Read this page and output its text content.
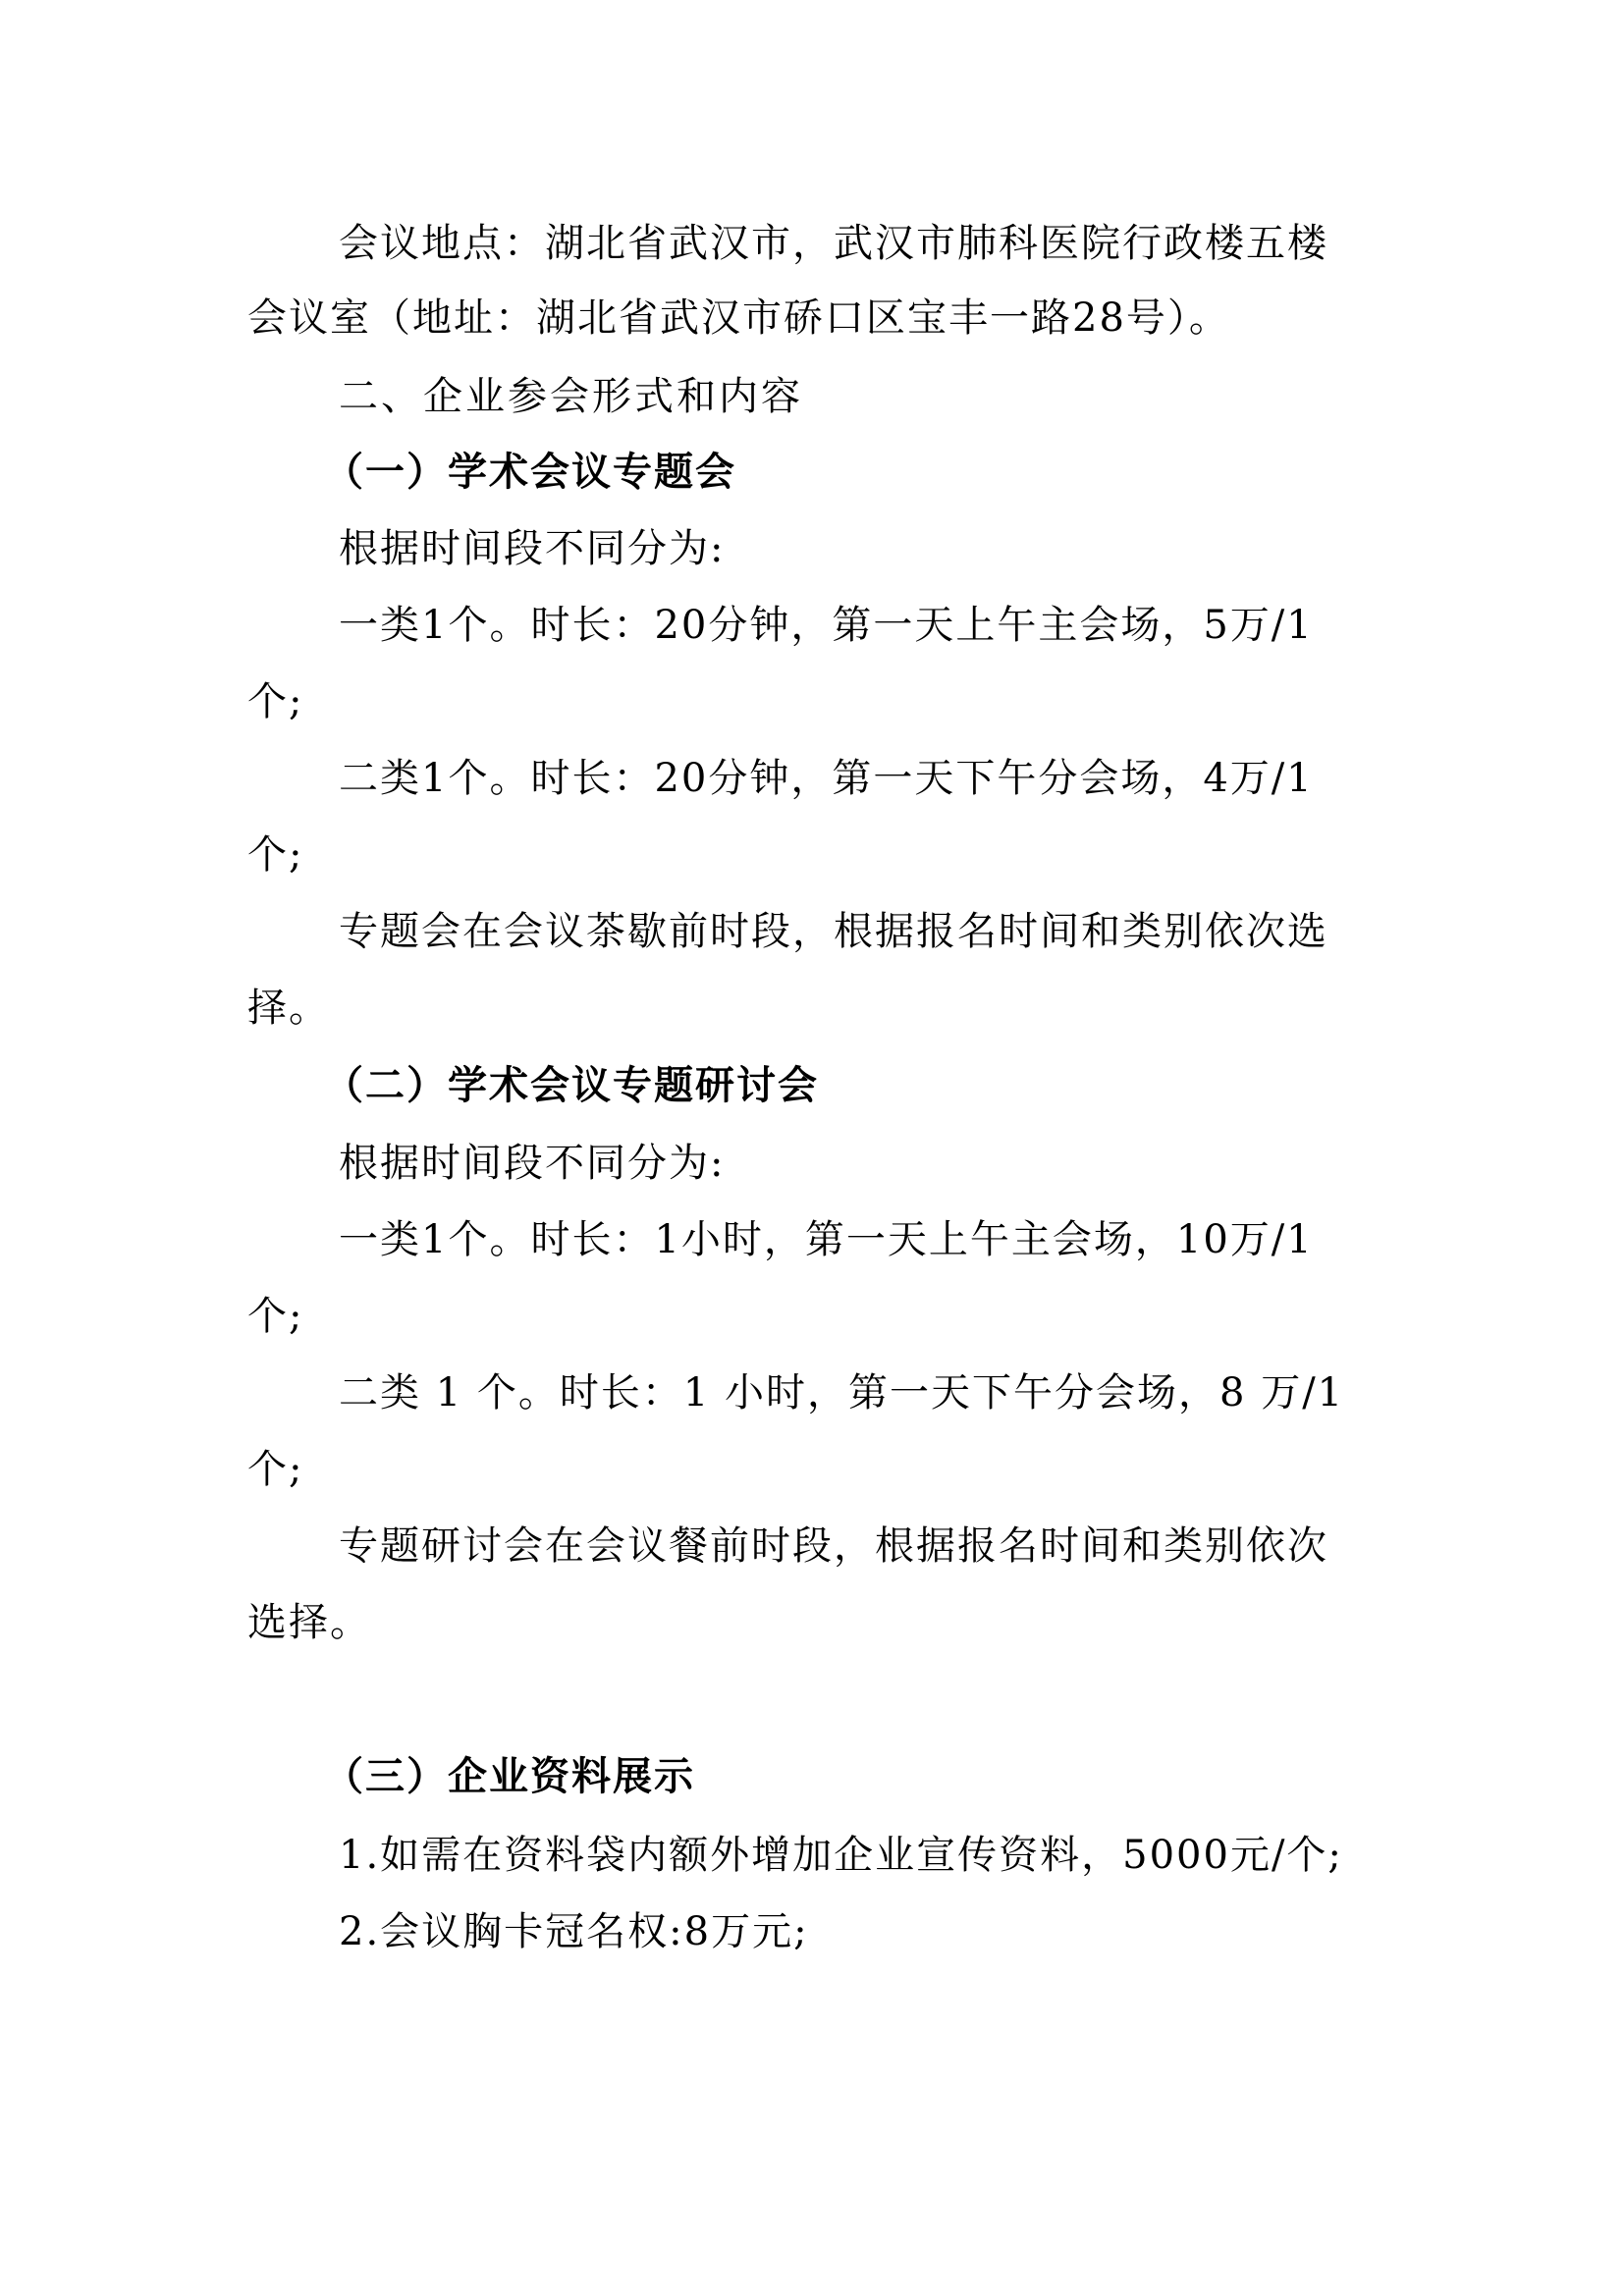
会议地点：湖北省武汉市，武汉市肺科医院行政楼五楼
会议室（地址：湖北省武汉市硚口区宝丰一路28号）。
二、企业参会形式和内容
（一）学术会议专题会
根据时间段不同分为:
一类1个。时长：20分钟，第一天上午主会场，5万/1
个;
二类1个。时长：20分钟，第一天下午分会场，4万/1
个;
专题会在会议茶歇前时段，根据报名时间和类别依次选
择。
（二）学术会议专题研讨会
根据时间段不同分为:
一类1个。时长：1小时，第一天上午主会场，10万/1
个;
二类 1 个。时长：1 小时，第一天下午分会场，8 万/1
个;
专题研讨会在会议餐前时段，根据报名时间和类别依次
选择。
（三）企业资料展示
1.如需在资料袋内额外增加企业宣传资料，5000元/个;
2.会议胸卡冠名权:8万元;
